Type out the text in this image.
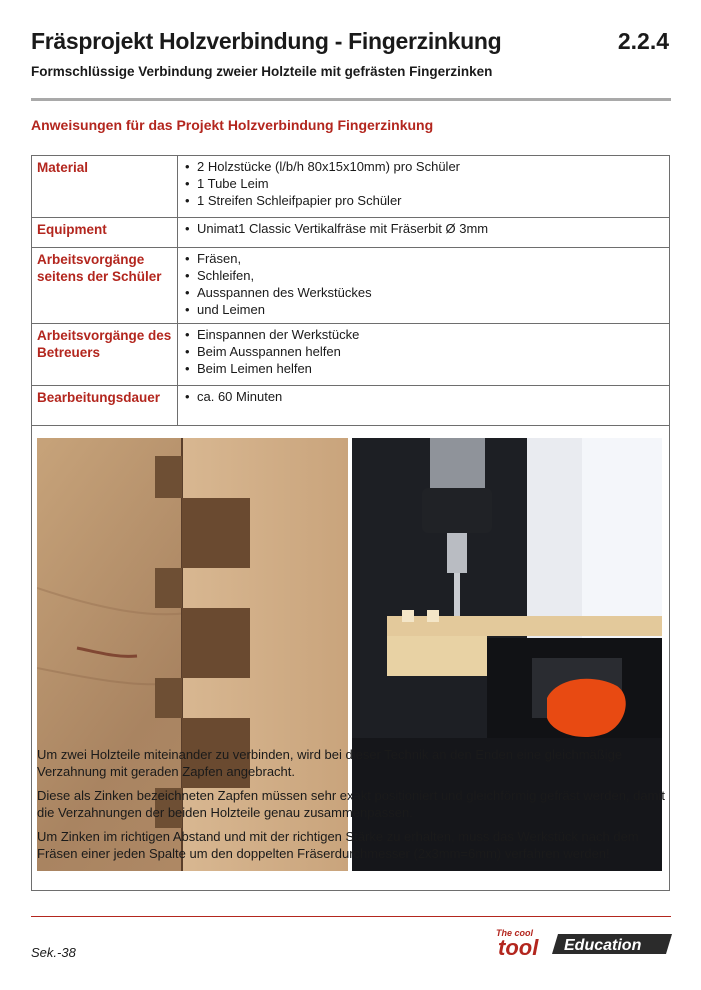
Fräsprojekt Holzverbindung - Fingerzinkung	2.2.4
Formschlüssige Verbindung zweier Holzteile mit gefrästen Fingerzinken
Anweisungen für das Projekt Holzverbindung Fingerzinkung
Material	• 2 Holzstücke (l/b/h 80x15x10mm) pro Schüler
• 1 Tube Leim
• 1 Streifen Schleifpapier pro Schüler
Equipment	• Unimat1 Classic Vertikalfräse mit Fräserbit Ø 3mm
Arbeitsvorgänge seitens der Schüler
• Fräsen,
• Schleifen,
• Ausspannen des Werkstückes
• und Leimen
Arbeitsvorgänge des Betreuers
• Einspannen der Werkstücke
• Beim Ausspannen helfen
• Beim Leimen helfen
Bearbeitungsdauer	• ca. 60 Minuten

Um zwei Holzteile miteinander zu verbinden, wird bei dieser Technik an den Enden eine gleichmäßige Verzahnung mit geraden Zapfen angebracht.

Diese als Zinken bezeichneten Zapfen müssen sehr exakt positioniert und gleichförmig gefräst werden, damit die Verzahnungen der beiden Holzteile genau zusammenpassen.

Um Zinken im richtigen Abstand und mit der richtigen Stärke zu erhalten, muss das Werkstück nach dem Fräsen einer jeden Spalte um den doppelten Fräserdurchmesser (2x3mm=6mm) verfahren werden!

Sek.-38
The cool
tool Education
